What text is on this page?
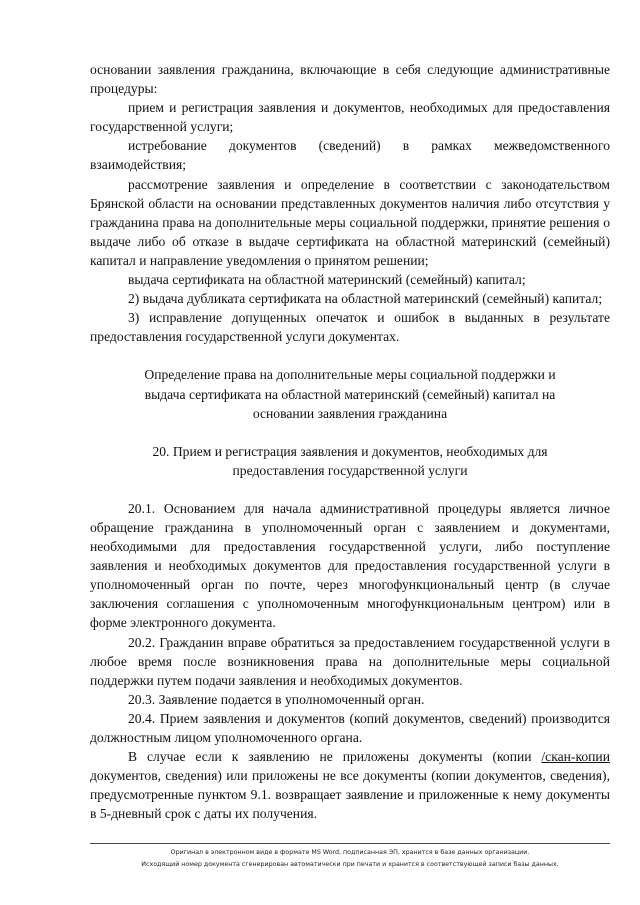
основании заявления гражданина, включающие в себя следующие административные процедуры:

прием и регистрация заявления и документов, необходимых для предоставления государственной услуги;

истребование документов (сведений) в рамках межведомственного взаимодействия;

рассмотрение заявления и определение в соответствии с законодательством Брянской области на основании представленных документов наличия либо отсутствия у гражданина права на дополнительные меры социальной поддержки, принятие решения о выдаче либо об отказе в выдаче сертификата на областной материнский (семейный) капитал и направление уведомления о принятом решении;

выдача сертификата на областной материнский (семейный) капитал;

2) выдача дубликата сертификата на областной материнский (семейный) капитал;

3) исправление допущенных опечаток и ошибок в выданных в результате предоставления государственной услуги документах.

Определение права на дополнительные меры социальной поддержки и выдача сертификата на областной материнский (семейный) капитал на основании заявления гражданина

20. Прием и регистрация заявления и документов, необходимых для предоставления государственной услуги

20.1. Основанием для начала административной процедуры является личное обращение гражданина в уполномоченный орган с заявлением и документами, необходимыми для предоставления государственной услуги, либо поступление заявления и необходимых документов для предоставления государственной услуги в уполномоченный орган по почте, через многофункциональный центр (в случае заключения соглашения с уполномоченным многофункциональным центром) или в форме электронного документа.

20.2. Гражданин вправе обратиться за предоставлением государственной услуги в любое время после возникновения права на дополнительные меры социальной поддержки путем подачи заявления и необходимых документов.

20.3. Заявление подается в уполномоченный орган.

20.4. Прием заявления и документов (копий документов, сведений) производится должностным лицом уполномоченного органа.

В случае если к заявлению не приложены документы (копии /скан-копии документов, сведения) или приложены не все документы (копии документов, сведения), предусмотренные пунктом 9.1. возвращает заявление и приложенные к нему документы в 5-дневный срок с даты их получения.

Оригинал в электронном виде в формате MS Word, подписанная ЭП, хранится в базе данных организации.
Исходящий номер документа сгенерирован автоматически при печати и хранится в соответствующей записи базы данных.
